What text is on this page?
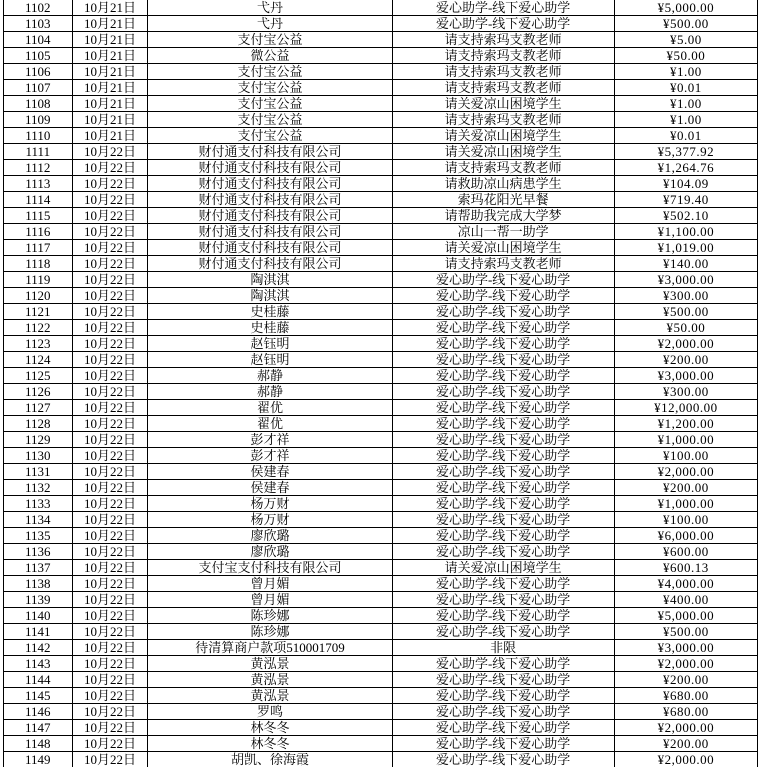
1102	10月21日	弋丹	爱心助学-线下爱心助学	¥5,000.00
1103	10月21日	弋丹	爱心助学-线下爱心助学	¥500.00
1104	10月21日	支付宝公益	请支持索玛支教老师	¥5.00
1105	10月21日	微公益	请支持索玛支教老师	¥50.00
1106	10月21日	支付宝公益	请支持索玛支教老师	¥1.00
1107	10月21日	支付宝公益	请支持索玛支教老师	¥0.01
1108	10月21日	支付宝公益	请关爱凉山困境学生	¥1.00
1109	10月21日	支付宝公益	请支持索玛支教老师	¥1.00
1110	10月21日	支付宝公益	请关爱凉山困境学生	¥0.01
1111	10月22日	财付通支付科技有限公司	请关爱凉山困境学生	¥5,377.92
1112	10月22日	财付通支付科技有限公司	请支持索玛支教老师	¥1,264.76
1113	10月22日	财付通支付科技有限公司	请救助凉山病患学生	¥104.09
1114	10月22日	财付通支付科技有限公司	索玛花阳光早餐	¥719.40
1115	10月22日	财付通支付科技有限公司	请帮助我完成大学梦	¥502.10
1116	10月22日	财付通支付科技有限公司	凉山一帮一助学	¥1,100.00
1117	10月22日	财付通支付科技有限公司	请关爱凉山困境学生	¥1,019.00
1118	10月22日	财付通支付科技有限公司	请支持索玛支教老师	¥140.00
1119	10月22日	陶淇淇	爱心助学-线下爱心助学	¥3,000.00
1120	10月22日	陶淇淇	爱心助学-线下爱心助学	¥300.00
1121	10月22日	史桂藤	爱心助学-线下爱心助学	¥500.00
1122	10月22日	史桂藤	爱心助学-线下爱心助学	¥50.00
1123	10月22日	赵钰明	爱心助学-线下爱心助学	¥2,000.00
1124	10月22日	赵钰明	爱心助学-线下爱心助学	¥200.00
1125	10月22日	郝静	爱心助学-线下爱心助学	¥3,000.00
1126	10月22日	郝静	爱心助学-线下爱心助学	¥300.00
1127	10月22日	翟优	爱心助学-线下爱心助学	¥12,000.00
1128	10月22日	翟优	爱心助学-线下爱心助学	¥1,200.00
1129	10月22日	彭才祥	爱心助学-线下爱心助学	¥1,000.00
1130	10月22日	彭才祥	爱心助学-线下爱心助学	¥100.00
1131	10月22日	侯建春	爱心助学-线下爱心助学	¥2,000.00
1132	10月22日	侯建春	爱心助学-线下爱心助学	¥200.00
1133	10月22日	杨万财	爱心助学-线下爱心助学	¥1,000.00
1134	10月22日	杨万财	爱心助学-线下爱心助学	¥100.00
1135	10月22日	廖欣璐	爱心助学-线下爱心助学	¥6,000.00
1136	10月22日	廖欣璐	爱心助学-线下爱心助学	¥600.00
1137	10月22日	支付宝支付科技有限公司	请关爱凉山困境学生	¥600.13
1138	10月22日	曾月媚	爱心助学-线下爱心助学	¥4,000.00
1139	10月22日	曾月媚	爱心助学-线下爱心助学	¥400.00
1140	10月22日	陈珍娜	爱心助学-线下爱心助学	¥5,000.00
1141	10月22日	陈珍娜	爱心助学-线下爱心助学	¥500.00
1142	10月22日	待清算商户款项510001709	非限	¥3,000.00
1143	10月22日	黄泓景	爱心助学-线下爱心助学	¥2,000.00
1144	10月22日	黄泓景	爱心助学-线下爱心助学	¥200.00
1145	10月22日	黄泓景	爱心助学-线下爱心助学	¥680.00
1146	10月22日	罗鸣	爱心助学-线下爱心助学	¥680.00
1147	10月22日	林冬冬	爱心助学-线下爱心助学	¥2,000.00
1148	10月22日	林冬冬	爱心助学-线下爱心助学	¥200.00
1149	10月22日	胡凯、徐海霞	爱心助学-线下爱心助学	¥2,000.00
